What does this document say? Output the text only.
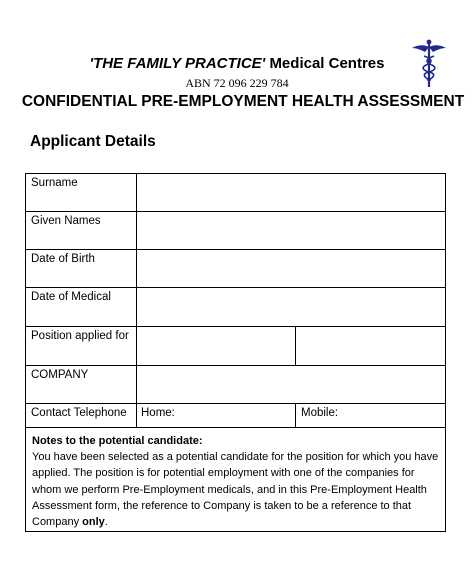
'THE FAMILY PRACTICE' Medical Centres
ABN 72 096 229 784
CONFIDENTIAL PRE-EMPLOYMENT HEALTH ASSESSMENT
Applicant Details
Surname
Given Names
Date of Birth
Date of Medical
Position applied for
COMPANY
Contact Telephone Home:	Mobile:
Notes to the potential candidate:
You have been selected as a potential candidate for the position for which you have applied. The position is for potential employment with one of the companies for whom we perform Pre-Employment medicals, and in this Pre-Employment Health Assessment form, the reference to Company is taken to be a reference to that Company only.
